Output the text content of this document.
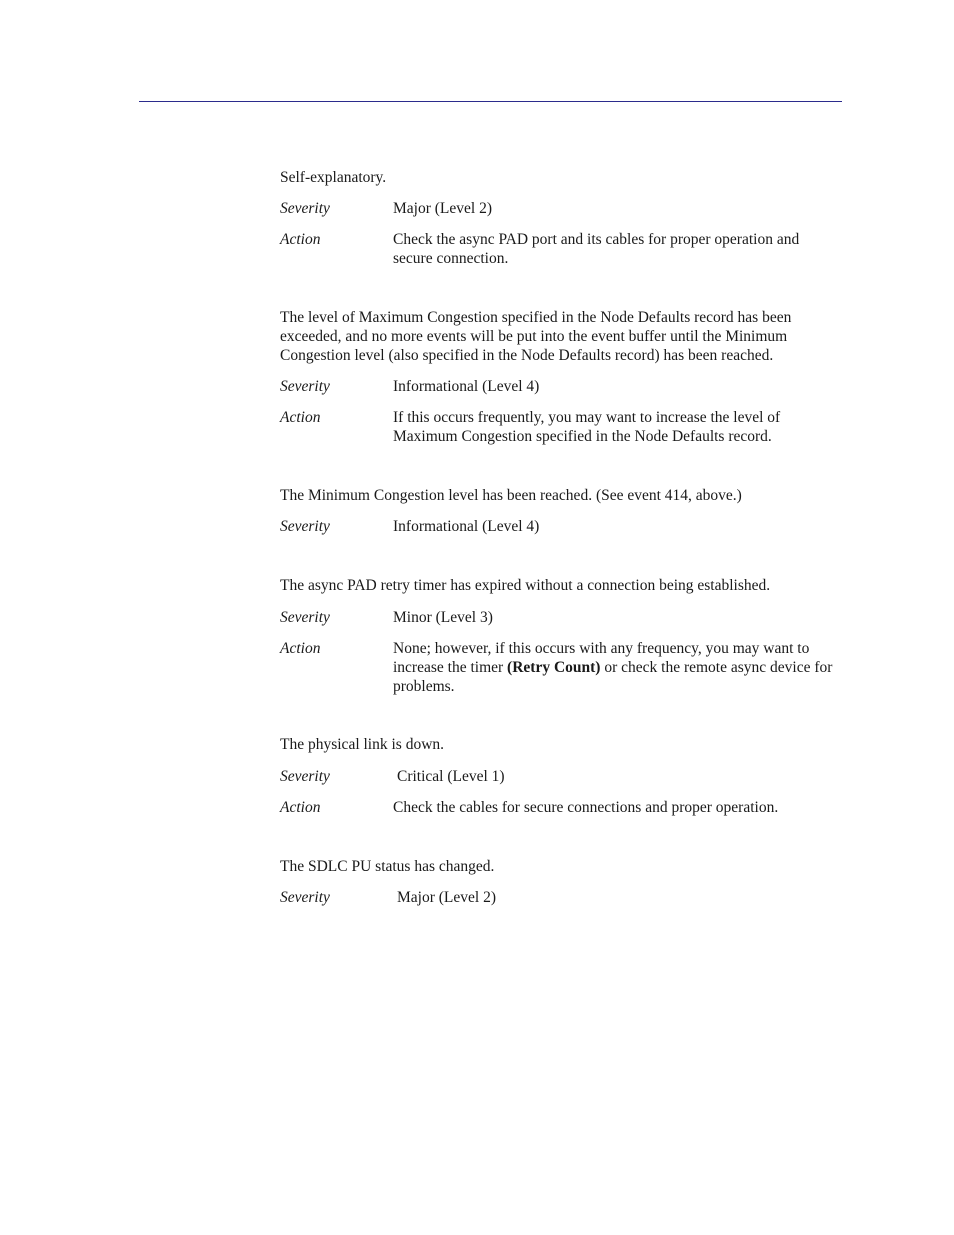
Self-explanatory.

Severity	Major (Level 2)
Action	Check the async PAD port and its cables for proper operation and secure connection.

The level of Maximum Congestion specified in the Node Defaults record has been exceeded, and no more events will be put into the event buffer until the Minimum Congestion level (also specified in the Node Defaults record) has been reached.

Severity	Informational (Level 4)
Action	If this occurs frequently, you may want to increase the level of Maximum Congestion specified in the Node Defaults record.

The Minimum Congestion level has been reached. (See event 414, above.)

Severity	Informational (Level 4)

The async PAD retry timer has expired without a connection being established.

Severity	Minor (Level 3)
Action	None; however, if this occurs with any frequency, you may want to increase the timer (Retry Count) or check the remote async device for problems.

The physical link is down.

Severity	Critical (Level 1)
Action	Check the cables for secure connections and proper operation.

The SDLC PU status has changed.

Severity	Major (Level 2)
